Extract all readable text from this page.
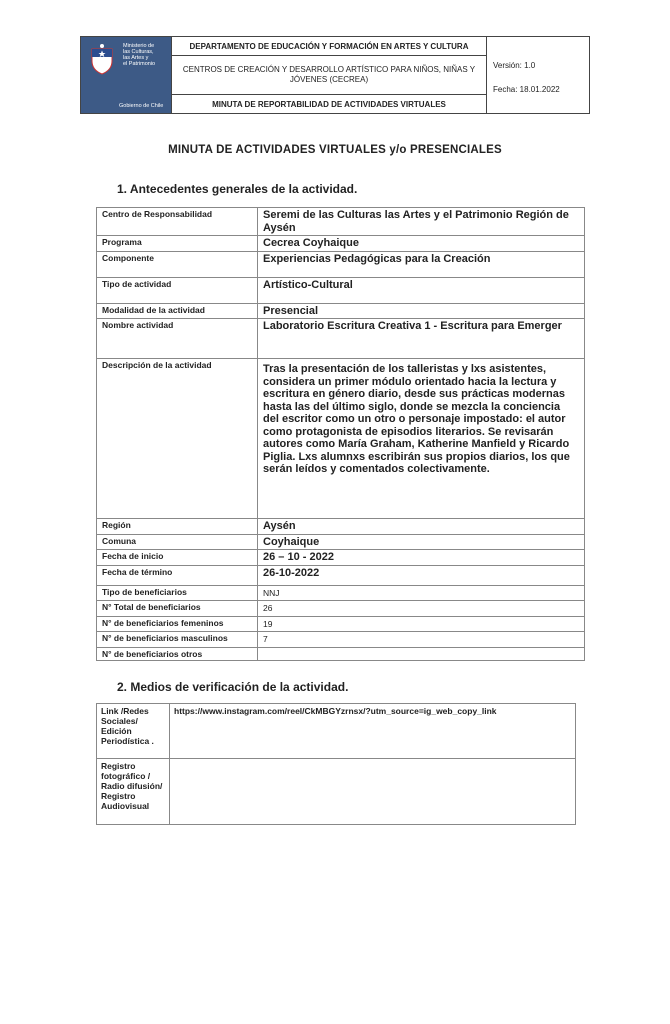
Ministerio de
las Culturas,
las Artes y
el Patrimonio
Gobierno de Chile
DEPARTAMENTO DE EDUCACIÓN Y FORMACIÓN EN ARTES Y CULTURA
CENTROS DE CREACIÓN Y DESARROLLO ARTÍSTICO PARA NIÑOS, NIÑAS Y JÓVENES (CECREA)
MINUTA DE REPORTABILIDAD DE ACTIVIDADES VIRTUALES
Versión: 1.0
Fecha: 18.01.2022
MINUTA DE ACTIVIDADES VIRTUALES y/o PRESENCIALES
1. Antecedentes generales de la actividad.
Centro de Responsabilidad	Seremi de las Culturas las Artes y el Patrimonio Región de Aysén
Programa	Cecrea Coyhaique
Componente	Experiencias Pedagógicas para la Creación
Tipo de actividad	Artístico-Cultural
Modalidad de la actividad	Presencial
Nombre actividad	Laboratorio Escritura Creativa 1 - Escritura para Emerger
Descripción de la actividad	Tras la presentación de los talleristas y lxs asistentes, considera un primer módulo orientado hacia la lectura y escritura en género diario, desde sus prácticas modernas hasta las del último siglo, donde se mezcla la conciencia del escritor como un otro o personaje impostado: el autor como protagonista de episodios literarios. Se revisarán autores como María Graham, Katherine Manfield y Ricardo Piglia. Lxs alumnxs escribirán sus propios diarios, los que serán leídos y comentados colectivamente.
Región	Aysén
Comuna	Coyhaique
Fecha de inicio	26 – 10 - 2022
Fecha de término	26-10-2022
Tipo de beneficiarios	NNJ
N° Total de beneficiarios	26
N° de beneficiarios femeninos	19
N° de beneficiarios masculinos	7
N° de beneficiarios otros	
2. Medios de verificación de la actividad.
Link /Redes Sociales/ Edición Periodística .	https://www.instagram.com/reel/CkMBGYzrnsx/?utm_source=ig_web_copy_link
Registro fotográfico / Radio difusión/ Registro Audiovisual	
